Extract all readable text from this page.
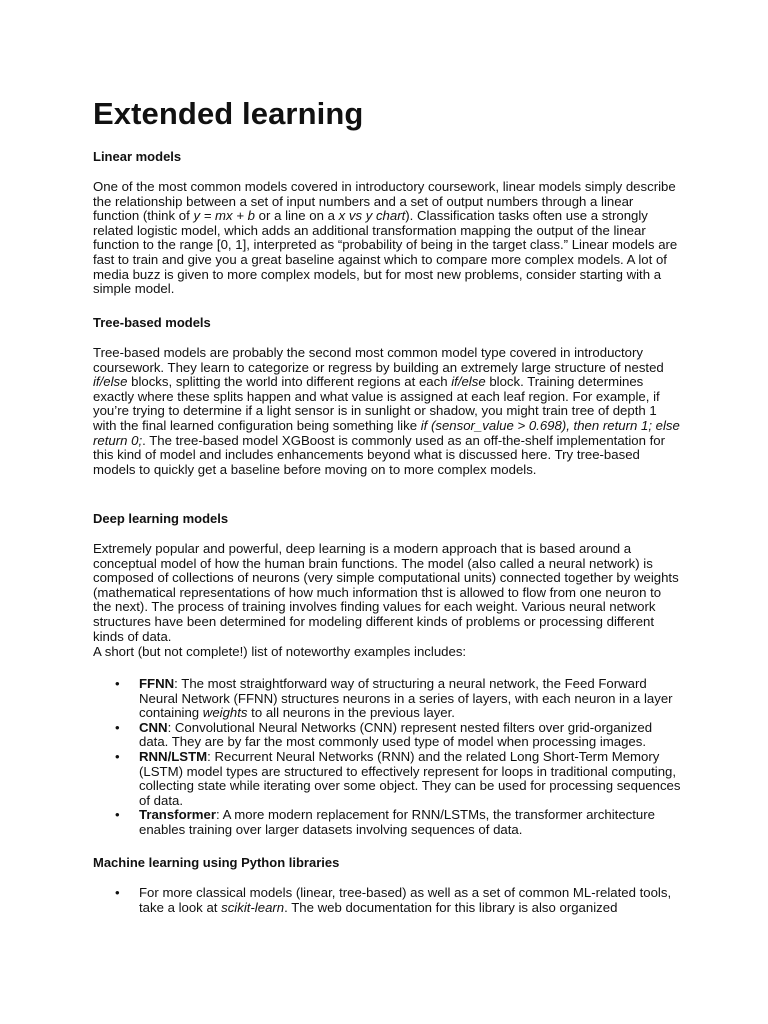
Extended learning
Linear models

One of the most common models covered in introductory coursework, linear models simply describe the relationship between a set of input numbers and a set of output numbers through a linear function (think of y = mx + b or a line on a x vs y chart). Classification tasks often use a strongly related logistic model, which adds an additional transformation mapping the output of the linear function to the range [0, 1], interpreted as “probability of being in the target class.” Linear models are fast to train and give you a great baseline against which to compare more complex models. A lot of media buzz is given to more complex models, but for most new problems, consider starting with a simple model.

Tree-based models

Tree-based models are probably the second most common model type covered in introductory coursework. They learn to categorize or regress by building an extremely large structure of nested if/else blocks, splitting the world into different regions at each if/else block. Training determines exactly where these splits happen and what value is assigned at each leaf region. For example, if you’re trying to determine if a light sensor is in sunlight or shadow, you might train tree of depth 1 with the final learned configuration being something like if (sensor_value > 0.698), then return 1; else return 0;. The tree-based model XGBoost is commonly used as an off-the-shelf implementation for this kind of model and includes enhancements beyond what is discussed here. Try tree-based models to quickly get a baseline before moving on to more complex models.

Deep learning models

Extremely popular and powerful, deep learning is a modern approach that is based around a conceptual model of how the human brain functions. The model (also called a neural network) is composed of collections of neurons (very simple computational units) connected together by weights (mathematical representations of how much information thst is allowed to flow from one neuron to the next). The process of training involves finding values for each weight. Various neural network structures have been determined for modeling different kinds of problems or processing different kinds of data.

A short (but not complete!) list of noteworthy examples includes:

• FFNN: The most straightforward way of structuring a neural network, the Feed Forward Neural Network (FFNN) structures neurons in a series of layers, with each neuron in a layer containing weights to all neurons in the previous layer.
• CNN: Convolutional Neural Networks (CNN) represent nested filters over grid-organized data. They are by far the most commonly used type of model when processing images.
• RNN/LSTM: Recurrent Neural Networks (RNN) and the related Long Short-Term Memory (LSTM) model types are structured to effectively represent for loops in traditional computing, collecting state while iterating over some object. They can be used for processing sequences of data.
• Transformer: A more modern replacement for RNN/LSTMs, the transformer architecture enables training over larger datasets involving sequences of data.
Machine learning using Python libraries
• For more classical models (linear, tree-based) as well as a set of common ML-related tools, take a look at scikit-learn. The web documentation for this library is also organized
